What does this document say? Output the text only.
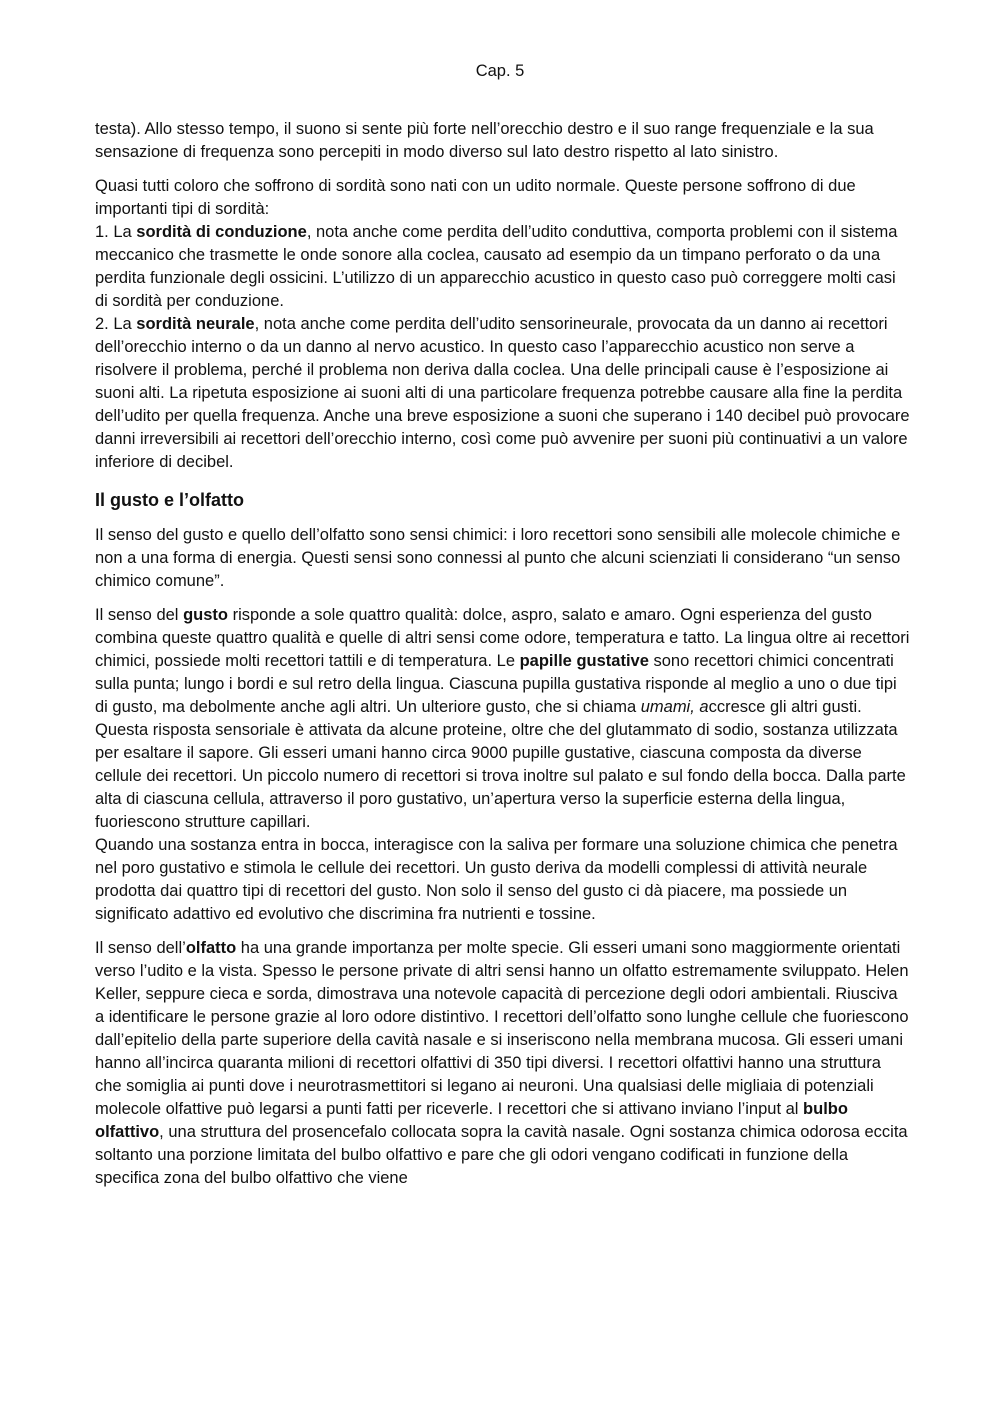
Cap. 5

testa). Allo stesso tempo, il suono si sente più forte nell’orecchio destro e il suo range frequenziale e la sua sensazione di frequenza sono percepiti in modo diverso sul lato destro rispetto al lato sinistro.

Quasi tutti coloro che soffrono di sordità sono nati con un udito normale. Queste persone soffrono di due importanti tipi di sordità:

1. La sordità di conduzione, nota anche come perdita dell’udito conduttiva, comporta problemi con il sistema meccanico che trasmette le onde sonore alla coclea, causato ad esempio da un timpano perforato o da una perdita funzionale degli ossicini. L’utilizzo di un apparecchio acustico in questo caso può correggere molti casi di sordità per conduzione.

2. La sordità neurale, nota anche come perdita dell’udito sensorineurale, provocata da un danno ai recettori dell’orecchio interno o da un danno al nervo acustico. In questo caso l’apparecchio acustico non serve a risolvere il problema, perché il problema non deriva dalla coclea. Una delle principali cause è l’esposizione ai suoni alti. La ripetuta esposizione ai suoni alti di una particolare frequenza potrebbe causare alla fine la perdita dell’udito per quella frequenza. Anche una breve esposizione a suoni che superano i 140 decibel può provocare danni irreversibili ai recettori dell’orecchio interno, così come può avvenire per suoni più continuativi a un valore inferiore di decibel.

Il gusto e l’olfatto

Il senso del gusto e quello dell’olfatto sono sensi chimici: i loro recettori sono sensibili alle molecole chimiche e non a una forma di energia. Questi sensi sono connessi al punto che alcuni scienziati li considerano “un senso chimico comune”.

Il senso del gusto risponde a sole quattro qualità: dolce, aspro, salato e amaro. Ogni esperienza del gusto combina queste quattro qualità e quelle di altri sensi come odore, temperatura e tatto. La lingua oltre ai recettori chimici, possiede molti recettori tattili e di temperatura. Le papille gustative sono recettori chimici concentrati sulla punta; lungo i bordi e sul retro della lingua. Ciascuna pupilla gustativa risponde al meglio a uno o due tipi di gusto, ma debolmente anche agli altri. Un ulteriore gusto, che si chiama umami, accresce gli altri gusti. Questa risposta sensoriale è attivata da alcune proteine, oltre che del glutammato di sodio, sostanza utilizzata per esaltare il sapore. Gli esseri umani hanno circa 9000 pupille gustative, ciascuna composta da diverse cellule dei recettori. Un piccolo numero di recettori si trova inoltre sul palato e sul fondo della bocca. Dalla parte alta di ciascuna cellula, attraverso il poro gustativo, un’apertura verso la superficie esterna della lingua, fuoriescono strutture capillari.

Quando una sostanza entra in bocca, interagisce con la saliva per formare una soluzione chimica che penetra nel poro gustativo e stimola le cellule dei recettori. Un gusto deriva da modelli complessi di attività neurale prodotta dai quattro tipi di recettori del gusto. Non solo il senso del gusto ci dà piacere, ma possiede un significato adattivo ed evolutivo che discrimina fra nutrienti e tossine.

Il senso dell’olfatto ha una grande importanza per molte specie. Gli esseri umani sono maggiormente orientati verso l’udito e la vista. Spesso le persone private di altri sensi hanno un olfatto estremamente sviluppato. Helen Keller, seppure cieca e sorda, dimostrava una notevole capacità di percezione degli odori ambientali. Riusciva a identificare le persone grazie al loro odore distintivo. I recettori dell’olfatto sono lunghe cellule che fuoriescono dall’epitelio della parte superiore della cavità nasale e si inseriscono nella membrana mucosa. Gli esseri umani hanno all’incirca quaranta milioni di recettori olfattivi di 350 tipi diversi. I recettori olfattivi hanno una struttura che somiglia ai punti dove i neurotrasmettitori si legano ai neuroni. Una qualsiasi delle migliaia di potenziali molecole olfattive può legarsi a punti fatti per riceverle. I recettori che si attivano inviano l’input al bulbo olfattivo, una struttura del prosencefalo collocata sopra la cavità nasale. Ogni sostanza chimica odorosa eccita soltanto una porzione limitata del bulbo olfattivo e pare che gli odori vengano codificati in funzione della specifica zona del bulbo olfattivo che viene
